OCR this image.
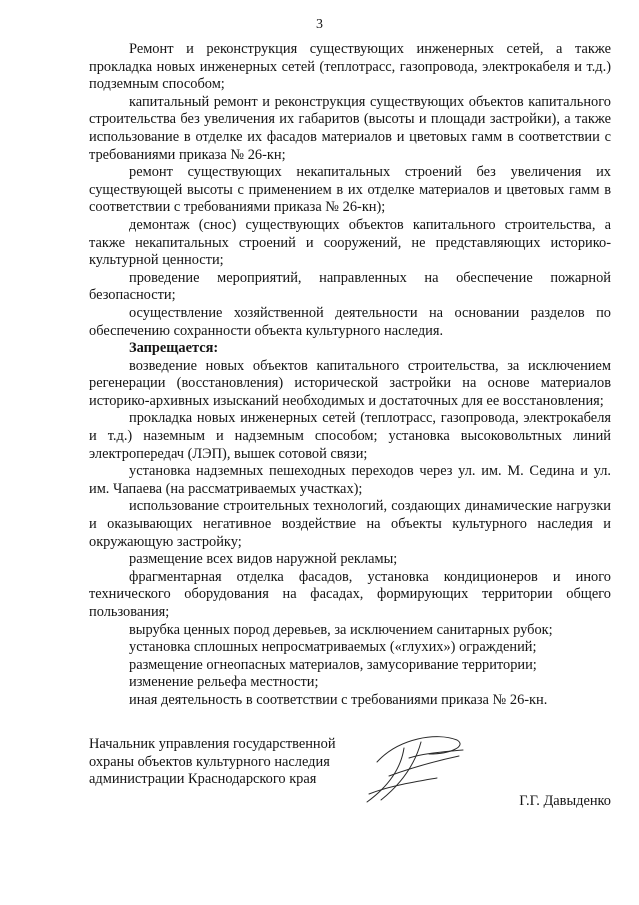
3

Ремонт и реконструкция существующих инженерных сетей, а также прокладка новых инженерных сетей (теплотрасс, газопровода, электрокабеля и т.д.) подземным способом;

капитальный ремонт и реконструкция существующих объектов капитального строительства без увеличения их габаритов (высоты и площади застройки), а также использование в отделке их фасадов материалов и цветовых гамм в соответствии с требованиями приказа № 26-кн;

ремонт существующих некапитальных строений без увеличения их существующей высоты с применением в их отделке материалов и цветовых гамм в соответствии с требованиями приказа № 26-кн);

демонтаж (снос) существующих объектов капитального строительства, а также некапитальных строений и сооружений, не представляющих историко-культурной ценности;

проведение мероприятий, направленных на обеспечение пожарной безопасности;

осуществление хозяйственной деятельности на основании разделов по обеспечению сохранности объекта культурного наследия.

Запрещается:

возведение новых объектов капитального строительства, за исключением регенерации (восстановления) исторической застройки на основе материалов историко-архивных изысканий необходимых и достаточных для ее восстановления;

прокладка новых инженерных сетей (теплотрасс, газопровода, электрокабеля и т.д.) наземным и надземным способом; установка высоковольтных линий электропередач (ЛЭП), вышек сотовой связи;

установка надземных пешеходных переходов через ул. им. М. Седина и ул. им. Чапаева (на рассматриваемых участках);

использование строительных технологий, создающих динамические нагрузки и оказывающих негативное воздействие на объекты культурного наследия и окружающую застройку;

размещение всех видов наружной рекламы;

фрагментарная отделка фасадов, установка кондиционеров и иного технического оборудования на фасадах, формирующих территории общего пользования;

вырубка ценных пород деревьев, за исключением санитарных рубок;

установка сплошных непросматриваемых («глухих») ограждений;

размещение огнеопасных материалов, замусоривание территории;

изменение рельефа местности;

иная деятельность в соответствии с требованиями приказа № 26-кн.

Начальник управления государственной
охраны объектов культурного наследия
администрации Краснодарского края
Г.Г. Давыденко
